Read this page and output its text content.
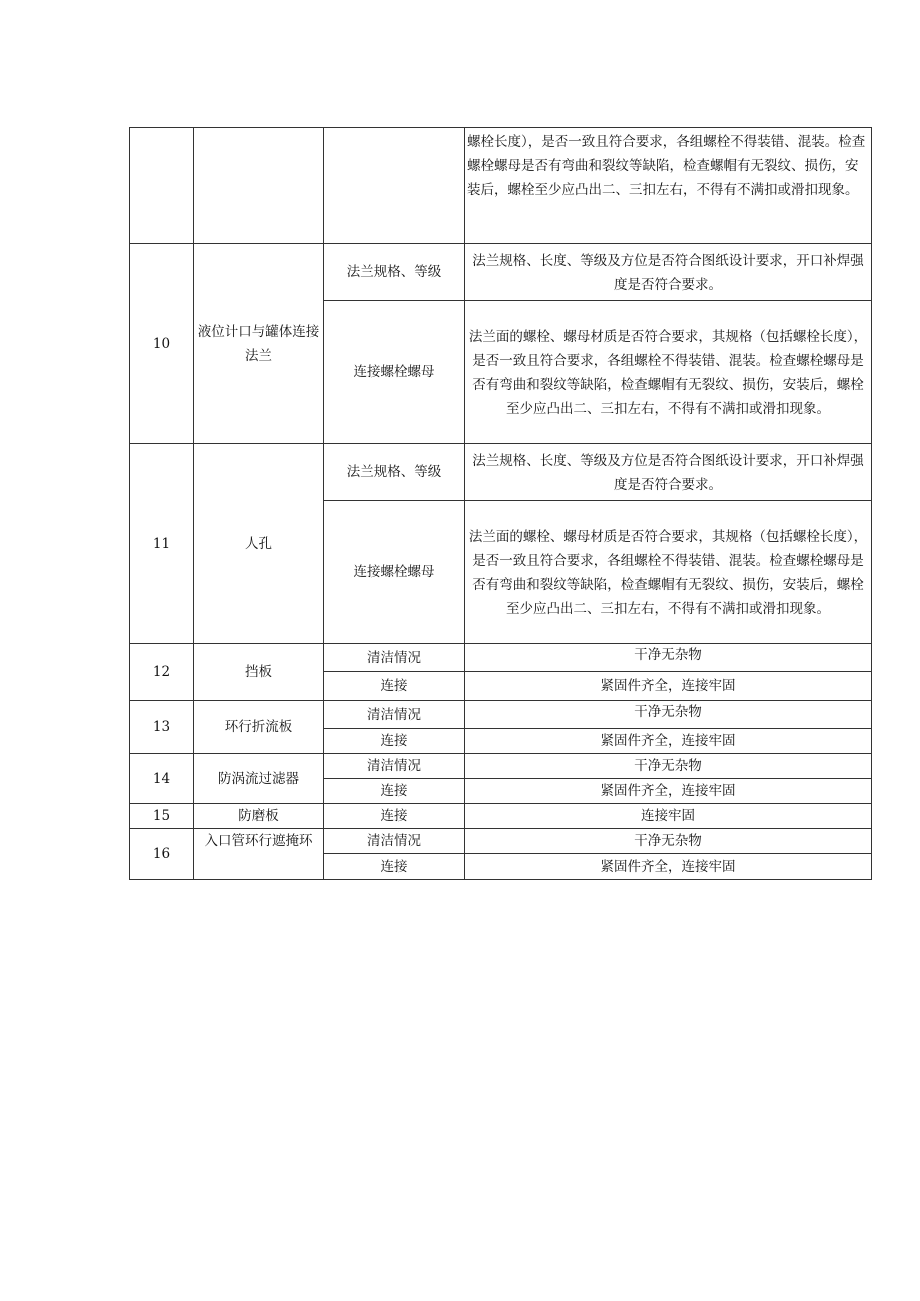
			螺栓长度），是否一致且符合要求，各组螺栓不得装错、混装。检查螺栓螺母是否有弯曲和裂纹等缺陷，检查螺帽有无裂纹、损伤，安装后，螺栓至少应凸出二、三扣左右，不得有不满扣或滑扣现象。
10	液位计口与罐体连接法兰	法兰规格、等级	法兰规格、长度、等级及方位是否符合图纸设计要求，开口补焊强度是否符合要求。
		连接螺栓螺母	法兰面的螺栓、螺母材质是否符合要求，其规格（包括螺栓长度），是否一致且符合要求，各组螺栓不得装错、混装。检查螺栓螺母是否有弯曲和裂纹等缺陷，检查螺帽有无裂纹、损伤，安装后，螺栓至少应凸出二、三扣左右，不得有不满扣或滑扣现象。
11	人孔	法兰规格、等级	法兰规格、长度、等级及方位是否符合图纸设计要求，开口补焊强度是否符合要求。
		连接螺栓螺母	法兰面的螺栓、螺母材质是否符合要求，其规格（包括螺栓长度），是否一致且符合要求，各组螺栓不得装错、混装。检查螺栓螺母是否有弯曲和裂纹等缺陷，检查螺帽有无裂纹、损伤，安装后，螺栓至少应凸出二、三扣左右，不得有不满扣或滑扣现象。
12	挡板	清洁情况	干净无杂物
		连接	紧固件齐全，连接牢固
13	环行折流板	清洁情况	干净无杂物
		连接	紧固件齐全，连接牢固
14	防涡流过滤器	清洁情况	干净无杂物
		连接	紧固件齐全，连接牢固
15	防磨板	连接	连接牢固
16	入口管环行遮掩环	清洁情况	干净无杂物
		连接	紧固件齐全，连接牢固
